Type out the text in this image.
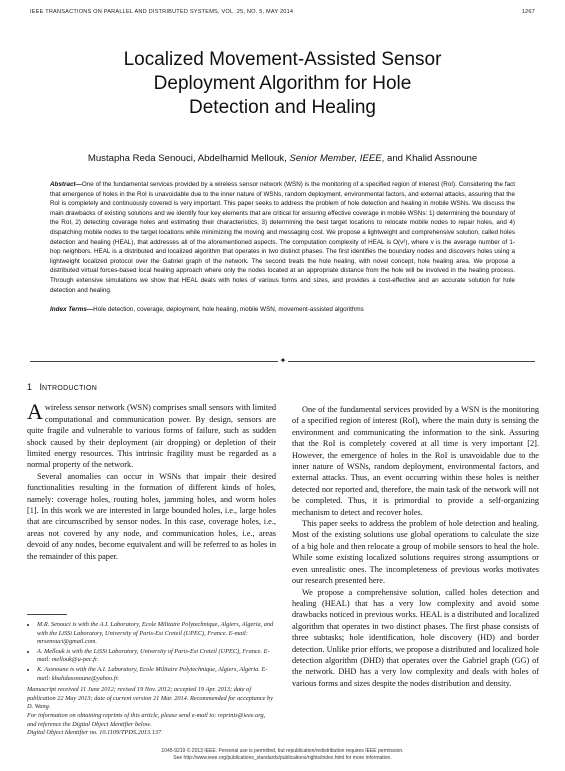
IEEE TRANSACTIONS ON PARALLEL AND DISTRIBUTED SYSTEMS, VOL. 25, NO. 5, MAY 2014	1267
Localized Movement-Assisted Sensor
Deployment Algorithm for Hole
Detection and Healing
Mustapha Reda Senouci, Abdelhamid Mellouk, Senior Member, IEEE, and Khalid Assnoune

Abstract—One of the fundamental services provided by a wireless sensor network (WSN) is the monitoring of a specified region of interest (RoI). Considering the fact that emergence of holes in the RoI is unavoidable due to the inner nature of WSNs, random deployment, environmental factors, and external attacks, assuring that the RoI is completely and continuously covered is very important. This paper seeks to address the problem of hole detection and healing in mobile WSNs. We discuss the main drawbacks of existing solutions and we identify four key elements that are critical for ensuring effective coverage in mobile WSNs: 1) determining the boundary of the RoI, 2) detecting coverage holes and estimating their characteristics, 3) determining the best target locations to relocate mobile nodes to repair holes, and 4) dispatching mobile nodes to the target locations while minimizing the moving and messaging cost. We propose a lightweight and comprehensive solution, called holes detection and healing (HEAL), that addresses all of the aforementioned aspects. The computation complexity of HEAL is O(v²), where v is the average number of 1-hop neighbors. HEAL is a distributed and localized algorithm that operates in two distinct phases. The first identifies the boundary nodes and discovers holes using a lightweight localized protocol over the Gabriel graph of the network. The second treats the hole healing, with novel concept, hole healing area. We propose a distributed virtual forces-based local healing approach where only the nodes located at an appropriate distance from the hole will be involved in the healing process. Through extensive simulations we show that HEAL deals with holes of various forms and sizes, and provides a cost-effective and an accurate solution for hole detection and healing.

Index Terms—Hole detection, coverage, deployment, hole healing, mobile WSN, movement-assisted algorithms

✦
1 INTRODUCTION

Awireless sensor network (WSN) comprises small sensors with limited computational and communication power. By design, sensors are quite fragile and vulnerable to various forms of failure, such as sudden shock caused by their deployment (air dropping) or depletion of their limited energy resources. This intrinsic fragility must be regarded as a normal property of the network.

Several anomalies can occur in WSNs that impair their desired functionalities resulting in the formation of different kinds of holes, namely: coverage holes, routing holes, jamming holes, and worm holes [1]. In this work we are interested in large bounded holes, i.e., large holes that are circumscribed by sensor nodes. In this case, coverage holes, i.e., areas not covered by any node, and communication holes, i.e., areas devoid of any nodes, become equivalent and will be referred to as holes in the remainder of this paper.

• M.R. Senouci is with the A.I. Laboratory, Ecole Militaire Polytechnique, Algiers, Algeria, and with the LiSSi Laboratory, University of Paris-Est Creteil (UPEC), France. E-mail: mrsenouci@gmail.com.
• A. Mellouk is with the LiSSi Laboratory, University of Paris-Est Creteil (UPEC), France. E-mail: mellouk@u-pec.fr.
• K. Assnoune is with the A.I. Laboratory, Ecole Militaire Polytechnique, Algiers, Algeria. E-mail: khalidassnoune@yahoo.fr.
Manuscript received 11 June 2012; revised 19 Nov. 2012; accepted 19 Apr. 2013; date of publication 22 May 2013; date of current version 21 Mar. 2014. Recommended for acceptance by D. Wang.
For information on obtaining reprints of this article, please send e-mail to: reprints@ieee.org, and reference the Digital Object Identifier below.
Digital Object Identifier no. 10.1109/TPDS.2013.137

One of the fundamental services provided by a WSN is the monitoring of a specified region of interest (RoI), where the main duty is sensing the environment and communicating the information to the sink. Assuring that the RoI is completely covered at all time is very important [2]. However, the emergence of holes in the RoI is unavoidable due to the inner nature of WSNs, random deployment, environmental factors, and external attacks. Thus, an event occurring within these holes is neither detected nor reported and, therefore, the main task of the network will not be completed. Thus, it is primordial to provide a self-organizing mechanism to detect and recover holes.

This paper seeks to address the problem of hole detection and healing. Most of the existing solutions use global operations to calculate the size of a big hole and then relocate a group of mobile sensors to heal the hole. While some existing localized solutions requires strong assumptions or even unrealistic ones. The incompleteness of previous works motivates our research presented here.

We propose a comprehensive solution, called holes detection and healing (HEAL) that has a very low complexity and avoid some drawbacks noticed in previous works. HEAL is a distributed and localized algorithm that operates in two distinct phases. The first phase consists of three subtasks; hole identification, hole discovery (HD) and border detection. Unlike prior efforts, we propose a distributed and localized hole detection algorithm (DHD) that operates over the Gabriel graph (GG) of the network. DHD has a very low complexity and deals with holes of various forms and sizes despite the nodes distribution and density.

1045-9219 © 2013 IEEE. Personal use is permitted, but republication/redistribution requires IEEE permission.
See http://www.ieee.org/publications_standards/publications/rights/index.html for more information.
